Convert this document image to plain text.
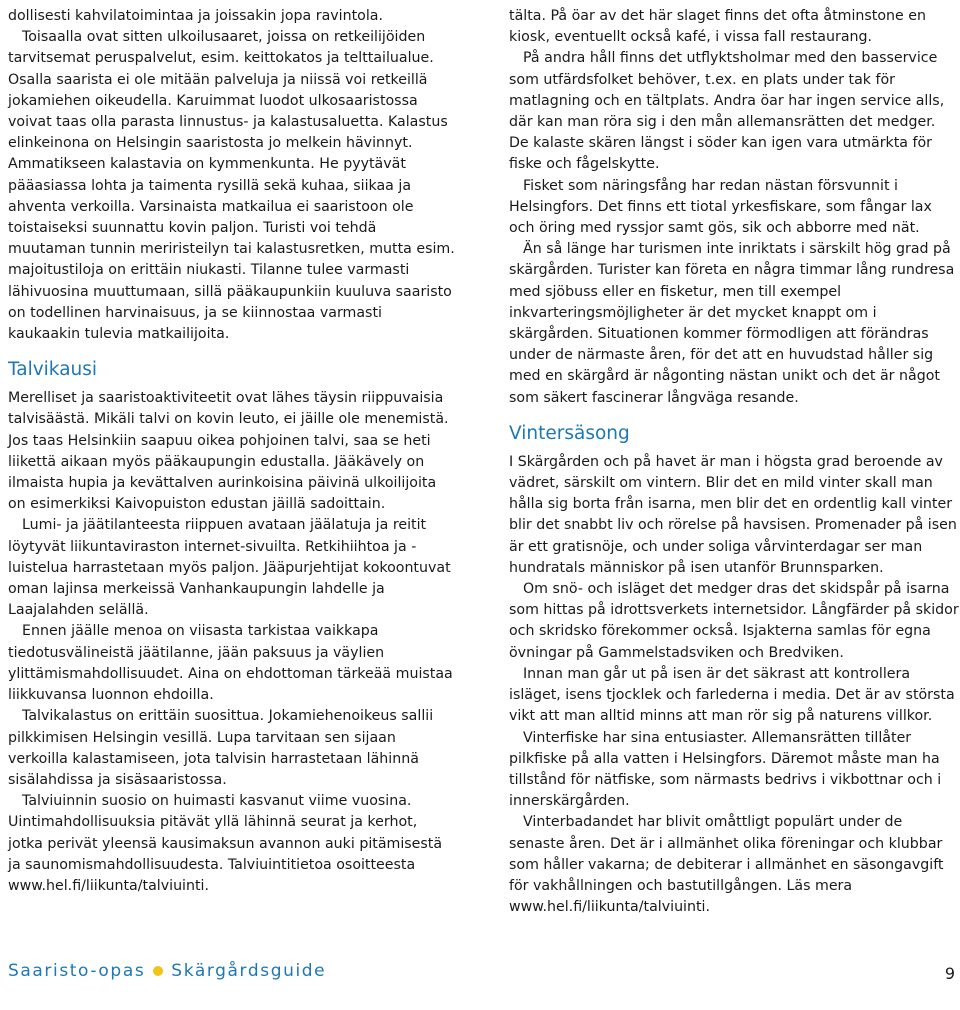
dollisesti kahvilatoimintaa ja joissakin jopa ravintola.

Toisaalla ovat sitten ulkoilusaaret, joissa on retkeilijöiden tarvitsemat peruspalvelut, esim. keittokatos ja telttailualue. Osalla saarista ei ole mitään palveluja ja niissä voi retkeillä jokamiehen oikeudella. Karuimmat luodot ulkosaaristossa voivat taas olla parasta linnustus- ja kalastusaluetta. Kalastus elinkeinona on Helsingin saaristosta jo melkein hävinnyt. Ammatikseen kalastavia on kymmenkunta. He pyytävät pääasiassa lohta ja taimenta rysillä sekä kuhaa, siikaa ja ahventa verkoilla. Varsinaista matkailua ei saaristoon ole toistaiseksi suunnattu kovin paljon. Turisti voi tehdä muutaman tunnin meriristeilyn tai kalastusretken, mutta esim. majoitustiloja on erittäin niukasti. Tilanne tulee varmasti lähivuosina muuttumaan, sillä pääkaupunkiin kuuluva saaristo on todellinen harvinaisuus, ja se kiinnostaa varmasti kaukaakin tulevia matkailijoita.

Talvikausi

Merelliset ja saaristoaktiviteetit ovat lähes täysin riippuvaisia talvisäästä. Mikäli talvi on kovin leuto, ei jäille ole menemistä. Jos taas Helsinkiin saapuu oikea pohjoinen talvi, saa se heti liikettä aikaan myös pääkaupungin edustalla. Jääkävely on ilmaista hupia ja kevättalven aurinkoisina päivinä ulkoilijoita on esimerkiksi Kaivopuiston edustan jäillä sadoittain.

Lumi- ja jäätilanteesta riippuen avataan jäälatuja ja reitit löytyvät liikuntaviraston internet-sivuilta. Retkihiihtoa ja -luistelua harrastetaan myös paljon. Jääpurjehtijat kokoontuvat oman lajinsa merkeissä Vanhankaupungin lahdelle ja Laajalahden selällä.

Ennen jäälle menoa on viisasta tarkistaa vaikkapa tiedotusvälineistä jäätilanne, jään paksuus ja väylien ylittämismahdollisuudet. Aina on ehdottoman tärkeää muistaa liikkuvansa luonnon ehdoilla.

Talvikalastus on erittäin suosittua. Jokamiehenoikeus sallii pilkkimisen Helsingin vesillä. Lupa tarvitaan sen sijaan verkoilla kalastamiseen, jota talvisin harrastetaan lähinnä sisälahdissa ja sisäsaaristossa.

Talviuinnin suosio on huimasti kasvanut viime vuosina. Uintimahdollisuuksia pitävät yllä lähinnä seurat ja kerhot, jotka perivät yleensä kausimaksun avannon auki pitämisestä ja saunomismahdollisuudesta. Talviuintitietoa osoitteesta www.hel.fi/liikunta/talviuinti.

tälta. På öar av det här slaget finns det ofta åtminstone en kiosk, eventuellt också kafé, i vissa fall restaurang.

På andra håll finns det utflyktsholmar med den basservice som utfärdsfolket behöver, t.ex. en plats under tak för matlagning och en tältplats. Andra öar har ingen service alls, där kan man röra sig i den mån allemansrätten det medger. De kalaste skären längst i söder kan igen vara utmärkta för fiske och fågelskytte.

Fisket som näringsfång har redan nästan försvunnit i Helsingfors. Det finns ett tiotal yrkesfiskare, som fångar lax och öring med ryssjor samt gös, sik och abborre med nät.

Än så länge har turismen inte inriktats i särskilt hög grad på skärgården. Turister kan företa en några timmar lång rundresa med sjöbuss eller en fisketur, men till exempel inkvarteringsmöjligheter är det mycket knappt om i skärgården. Situationen kommer förmodligen att förändras under de närmaste åren, för det att en huvudstad håller sig med en skärgård är någonting nästan unikt och det är något som säkert fascinerar långväga resande.

Vintersäsong

I Skärgården och på havet är man i högsta grad beroende av vädret, särskilt om vintern. Blir det en mild vinter skall man hålla sig borta från isarna, men blir det en ordentlig kall vinter blir det snabbt liv och rörelse på havsisen. Promenader på isen är ett gratisnöje, och under soliga vårvinterdagar ser man hundratals människor på isen utanför Brunnsparken.

Om snö- och isläget det medger dras det skidspår på isarna som hittas på idrottsverkets internetsidor. Långfärder på skidor och skridsko förekommer också. Isjakterna samlas för egna övningar på Gammelstadsviken och Bredviken.

Innan man går ut på isen är det säkrast att kontrollera isläget, isens tjocklek och farlederna i media. Det är av största vikt att man alltid minns att man rör sig på naturens villkor.

Vinterfiske har sina entusiaster. Allemansrätten tillåter pilkfiske på alla vatten i Helsingfors. Däremot måste man ha tillstånd för nätfiske, som närmasts bedrivs i vikbottnar och i innerskärgården.

Vinterbadandet har blivit omåttligt populärt under de senaste åren. Det är i allmänhet olika föreningar och klubbar som håller vakarna; de debiterar i allmänhet en säsongavgift för vakhållningen och bastutillgången. Läs mera www.hel.fi/liikunta/talviuinti.

Saaristo-opas Skärgårdsguide	9
